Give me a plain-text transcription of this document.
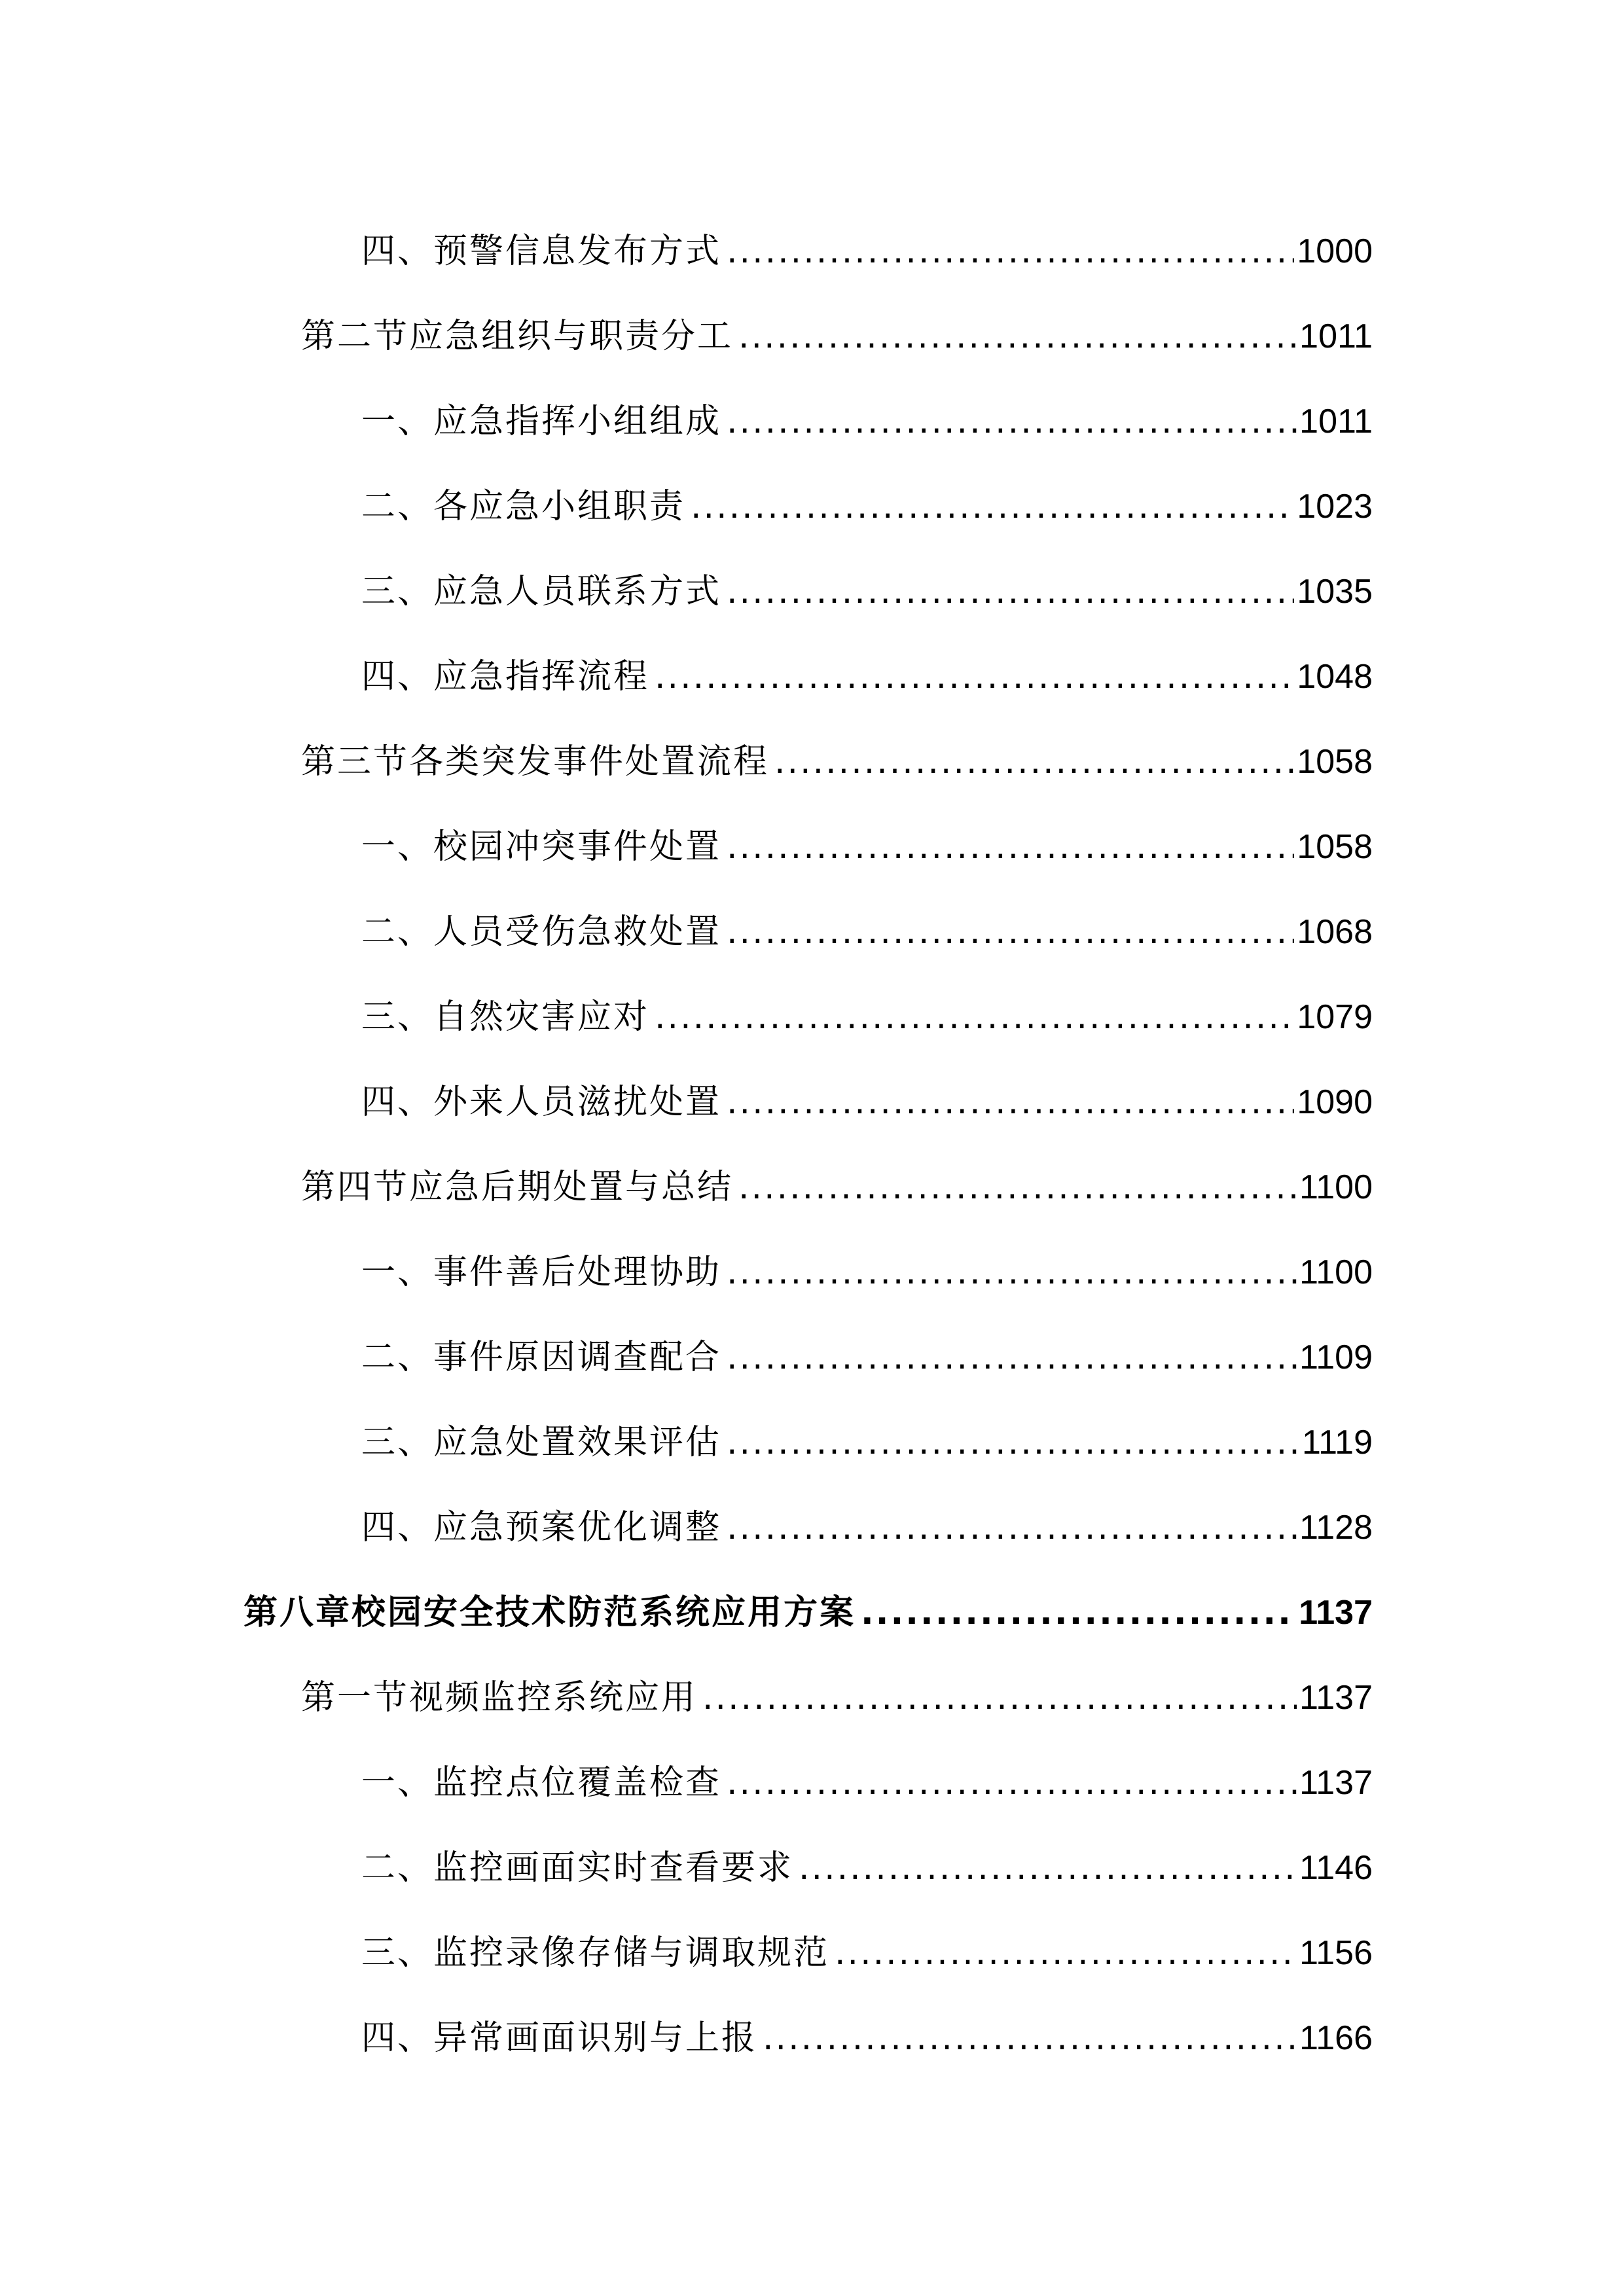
四、预警信息发布方式 .....	1000
第二节应急组织与职责分工 .....	1011
一、应急指挥小组组成 .....	1011
二、各应急小组职责 .....	1023
三、应急人员联系方式 .....	1035
四、应急指挥流程 .....	1048
第三节各类突发事件处置流程 .....	1058
一、校园冲突事件处置 .....	1058
二、人员受伤急救处置 .....	1068
三、自然灾害应对 .....	1079
四、外来人员滋扰处置 .....	1090
第四节应急后期处置与总结 .....	1100
一、事件善后处理协助 .....	1100
二、事件原因调查配合 .....	1109
三、应急处置效果评估 .....	1119
四、应急预案优化调整 .....	1128
第八章校园安全技术防范系统应用方案 .....	1137
第一节视频监控系统应用 .....	1137
一、监控点位覆盖检查 .....	1137
二、监控画面实时查看要求 .....	1146
三、监控录像存储与调取规范 .....	1156
四、异常画面识别与上报 .....	1166
